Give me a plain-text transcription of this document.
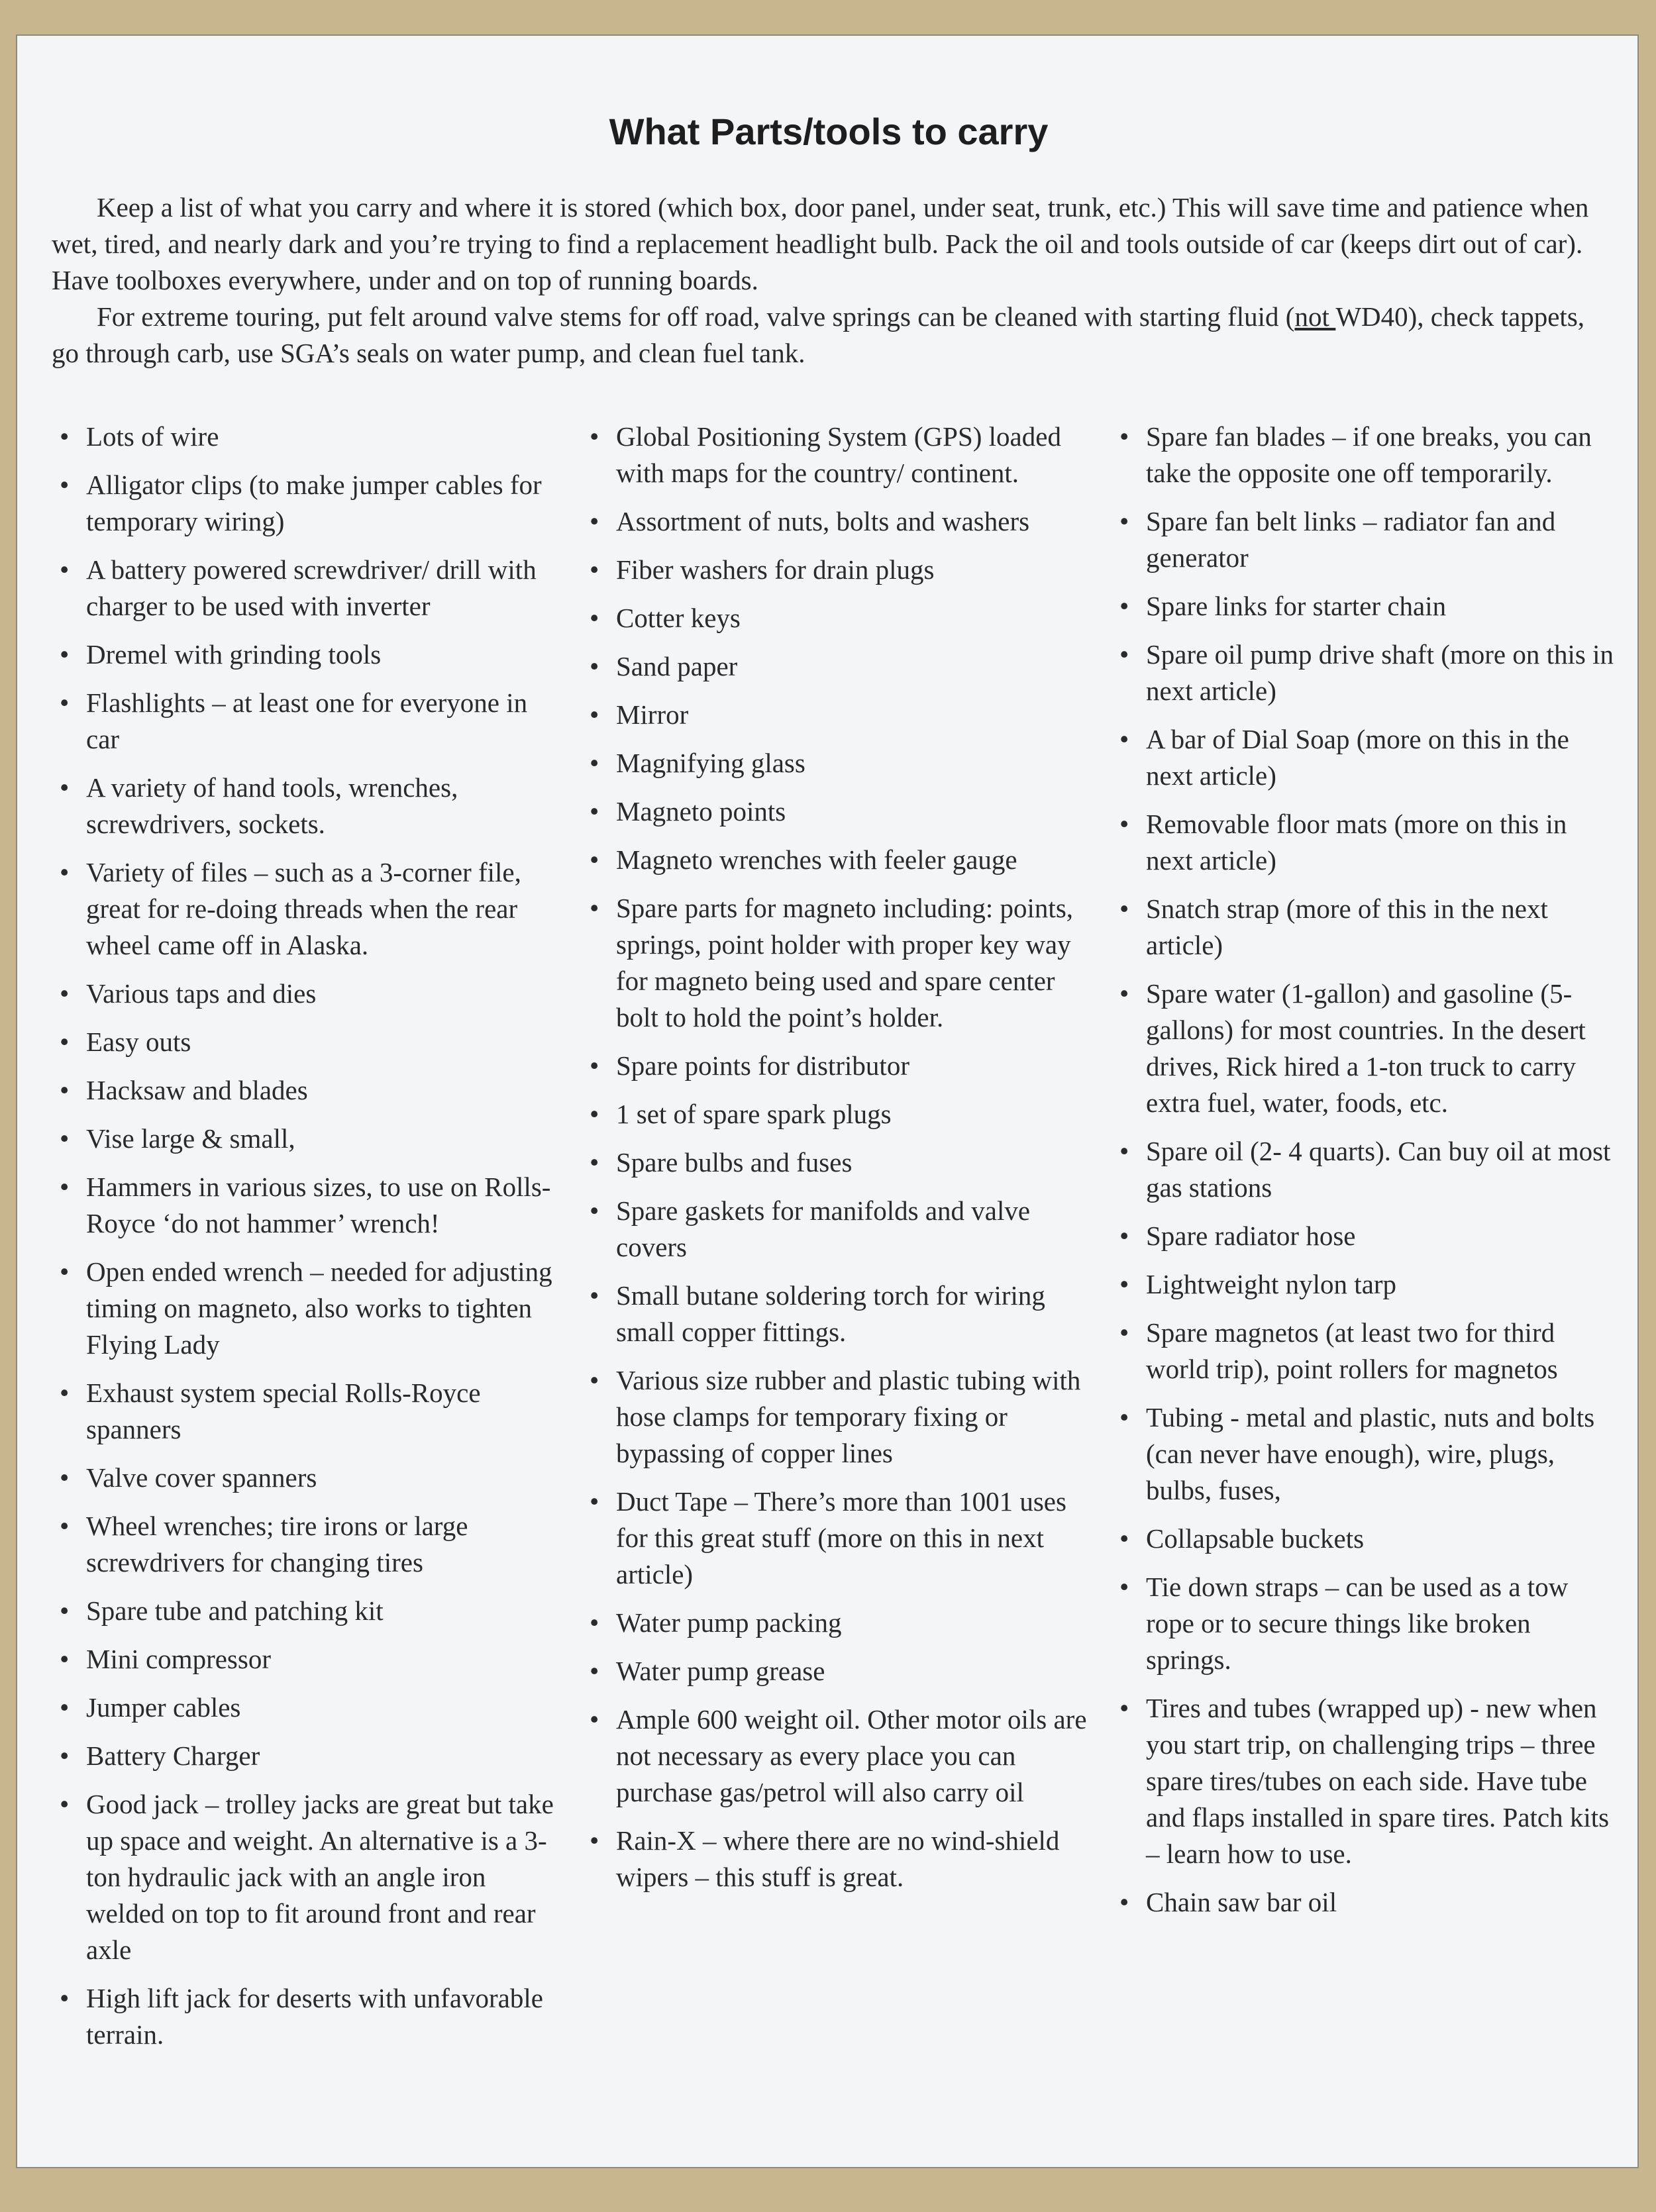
What Parts/tools to carry

Keep a list of what you carry and where it is stored (which box, door panel, under seat, trunk, etc.) This will save time and patience when wet, tired, and nearly dark and you’re trying to find a replacement headlight bulb. Pack the oil and tools outside of car (keeps dirt out of car). Have toolboxes everywhere, under and on top of running boards.

For extreme touring, put felt around valve stems for off road, valve springs can be cleaned with starting fluid (not WD40), check tappets, go through carb, use SGA’s seals on water pump, and clean fuel tank.

• Lots of wire
• Alligator clips (to make jumper cables for temporary wiring)
• A battery powered screwdriver/ drill with charger to be used with inverter
• Dremel with grinding tools
• Flashlights – at least one for everyone in car
• A variety of hand tools, wrenches, screwdrivers, sockets.
• Variety of files – such as a 3-corner file, great for re-doing threads when the rear wheel came off in Alaska.
• Various taps and dies
• Easy outs
• Hacksaw and blades
• Vise large & small,
• Hammers in various sizes, to use on Rolls-Royce ‘do not hammer’ wrench!
• Open ended wrench – needed for adjusting timing on magneto, also works to tighten Flying Lady
• Exhaust system special Rolls-Royce spanners
• Valve cover spanners
• Wheel wrenches; tire irons or large screwdrivers for changing tires
• Spare tube and patching kit
• Mini compressor
• Jumper cables
• Battery Charger
• Good jack – trolley jacks are great but take up space and weight. An alternative is a 3-ton hydraulic jack with an angle iron welded on top to fit around front and rear axle
• High lift jack for deserts with unfavorable terrain.
• Global Positioning System (GPS) loaded with maps for the country/ continent.
• Assortment of nuts, bolts and washers
• Fiber washers for drain plugs
• Cotter keys
• Sand paper
• Mirror
• Magnifying glass
• Magneto points
• Magneto wrenches with feeler gauge
• Spare parts for magneto including: points, springs, point holder with proper key way for magneto being used and spare center bolt to hold the point’s holder.
• Spare points for distributor
• 1 set of spare spark plugs
• Spare bulbs and fuses
• Spare gaskets for manifolds and valve covers
• Small butane soldering torch for wiring small copper fittings.
• Various size rubber and plastic tubing with hose clamps for temporary fixing or bypassing of copper lines
• Duct Tape – There’s more than 1001 uses for this great stuff (more on this in next article)
• Water pump packing
• Water pump grease
• Ample 600 weight oil. Other motor oils are not necessary as every place you can purchase gas/petrol will also carry oil
• Rain-X – where there are no wind-shield wipers – this stuff is great.
• Spare fan blades – if one breaks, you can take the opposite one off temporarily.
• Spare fan belt links – radiator fan and generator
• Spare links for starter chain
• Spare oil pump drive shaft (more on this in next article)
• A bar of Dial Soap (more on this in the next article)
• Removable floor mats (more on this in next article)
• Snatch strap (more of this in the next article)
• Spare water (1-gallon) and gasoline (5-gallons) for most countries. In the desert drives, Rick hired a 1-ton truck to carry extra fuel, water, foods, etc.
• Spare oil (2- 4 quarts). Can buy oil at most gas stations
• Spare radiator hose
• Lightweight nylon tarp
• Spare magnetos (at least two for third world trip), point rollers for magnetos
• Tubing - metal and plastic, nuts and bolts (can never have enough), wire, plugs, bulbs, fuses,
• Collapsable buckets
• Tie down straps – can be used as a tow rope or to secure things like broken springs.
• Tires and tubes (wrapped up) - new when you start trip, on challenging trips – three spare tires/tubes on each side. Have tube and flaps installed in spare tires. Patch kits – learn how to use.
• Chain saw bar oil
